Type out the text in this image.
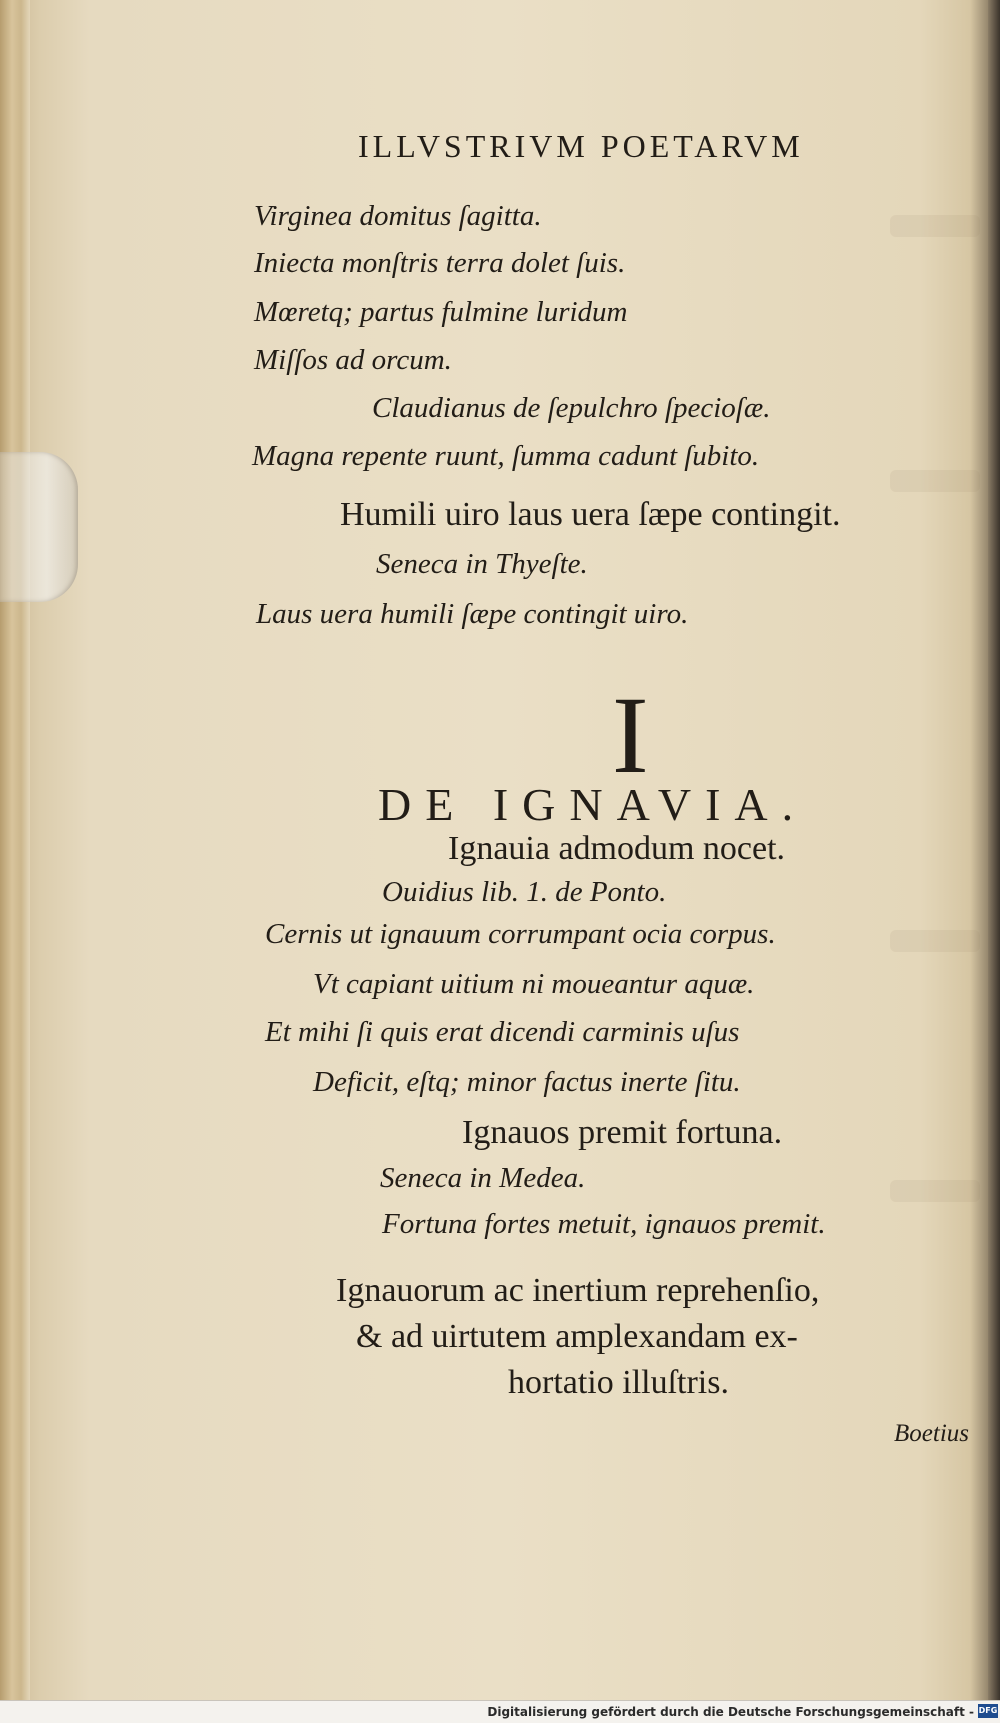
ILLVSTRIVM POETARVM
Virginea domitus ſagitta.
Iniecta monſtris terra dolet ſuis.
Mœretq; partus fulmine luridum
Miſſos ad orcum.
Claudianus de ſepulchro ſpecioſæ.
Magna repente ruunt, ſumma cadunt ſubito.
Humili uiro laus uera ſæpe contingit.
Seneca in Thyeſte.
Laus uera humili ſæpe contingit uiro.
I
DE IGNAVIA.
Ignauia admodum nocet.
Ouidius lib. 1. de Ponto.
Cernis ut ignauum corrumpant ocia corpus.
Vt capiant uitium ni moueantur aquæ.
Et mihi ſi quis erat dicendi carminis uſus
Deficit, eſtq; minor factus inerte ſitu.
Ignauos premit fortuna.
Seneca in Medea.
Fortuna fortes metuit, ignauos premit.
Ignauorum ac inertium reprehenſio,
& ad uirtutem amplexandam ex-
hortatio illuſtris.
Boetius
Digitalisierung gefördert durch die Deutsche Forschungsgemeinschaft - DFG
